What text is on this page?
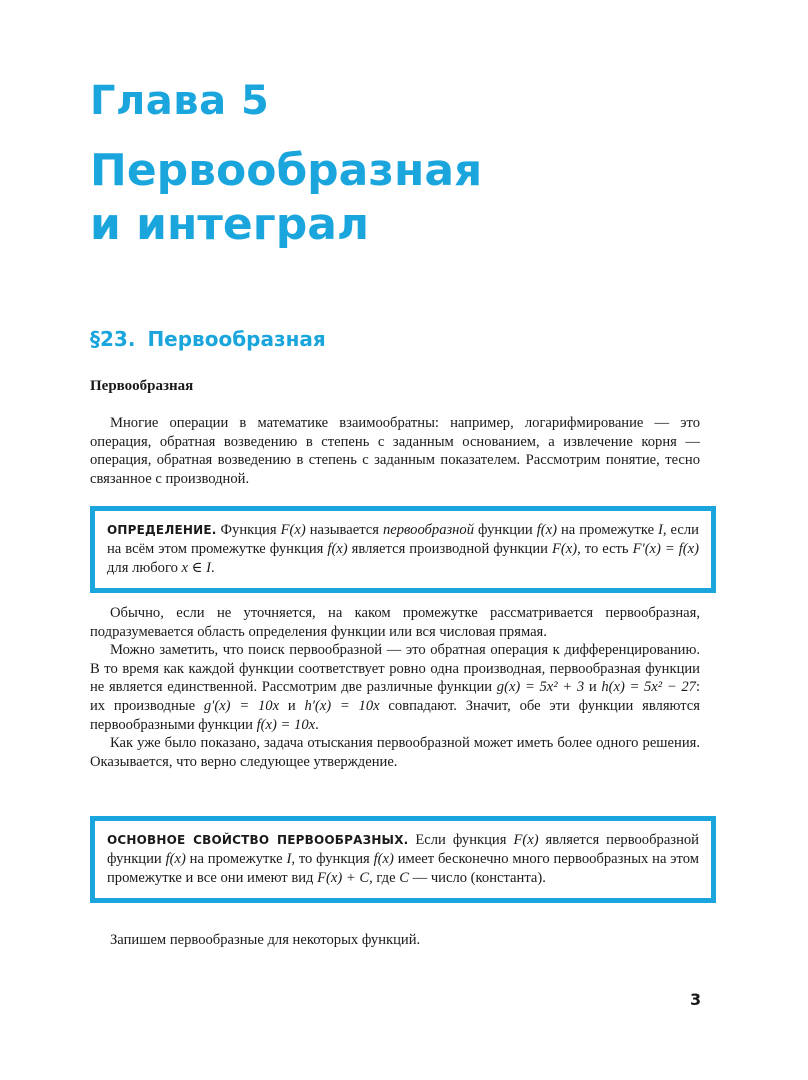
Глава 5
Первообразная
и интеграл
§23. Первообразная
Первообразная

Многие операции в математике взаимообратны: например, логарифмирование — это операция, обратная возведению в степень с заданным основанием, а извлечение корня — операция, обратная возведению в степень с заданным показателем. Рассмотрим понятие, тесно связанное с производной.

ОПРЕДЕЛЕНИЕ. Функция F(x) называется первообразной функции f(x) на промежутке I, если на всём этом промежутке функция f(x) является производной функции F(x), то есть F′(x) = f(x) для любого x ∈ I.

Обычно, если не уточняется, на каком промежутке рассматривается первообразная, подразумевается область определения функции или вся числовая прямая.

Можно заметить, что поиск первообразной — это обратная операция к дифференцированию. В то время как каждой функции соответствует ровно одна производная, первообразная функции не является единственной. Рассмотрим две различные функции g(x) = 5x² + 3 и h(x) = 5x² − 27: их производные g′(x) = 10x и h′(x) = 10x совпадают. Значит, обе эти функции являются первообразными функции f(x) = 10x.

Как уже было показано, задача отыскания первообразной может иметь более одного решения. Оказывается, что верно следующее утверждение.

ОСНОВНОЕ СВОЙСТВО ПЕРВООБРАЗНЫХ. Если функция F(x) является первообразной функции f(x) на промежутке I, то функция f(x) имеет бесконечно много первообразных на этом промежутке и все они имеют вид F(x) + C, где C — число (константа).

Запишем первообразные для некоторых функций.

3
